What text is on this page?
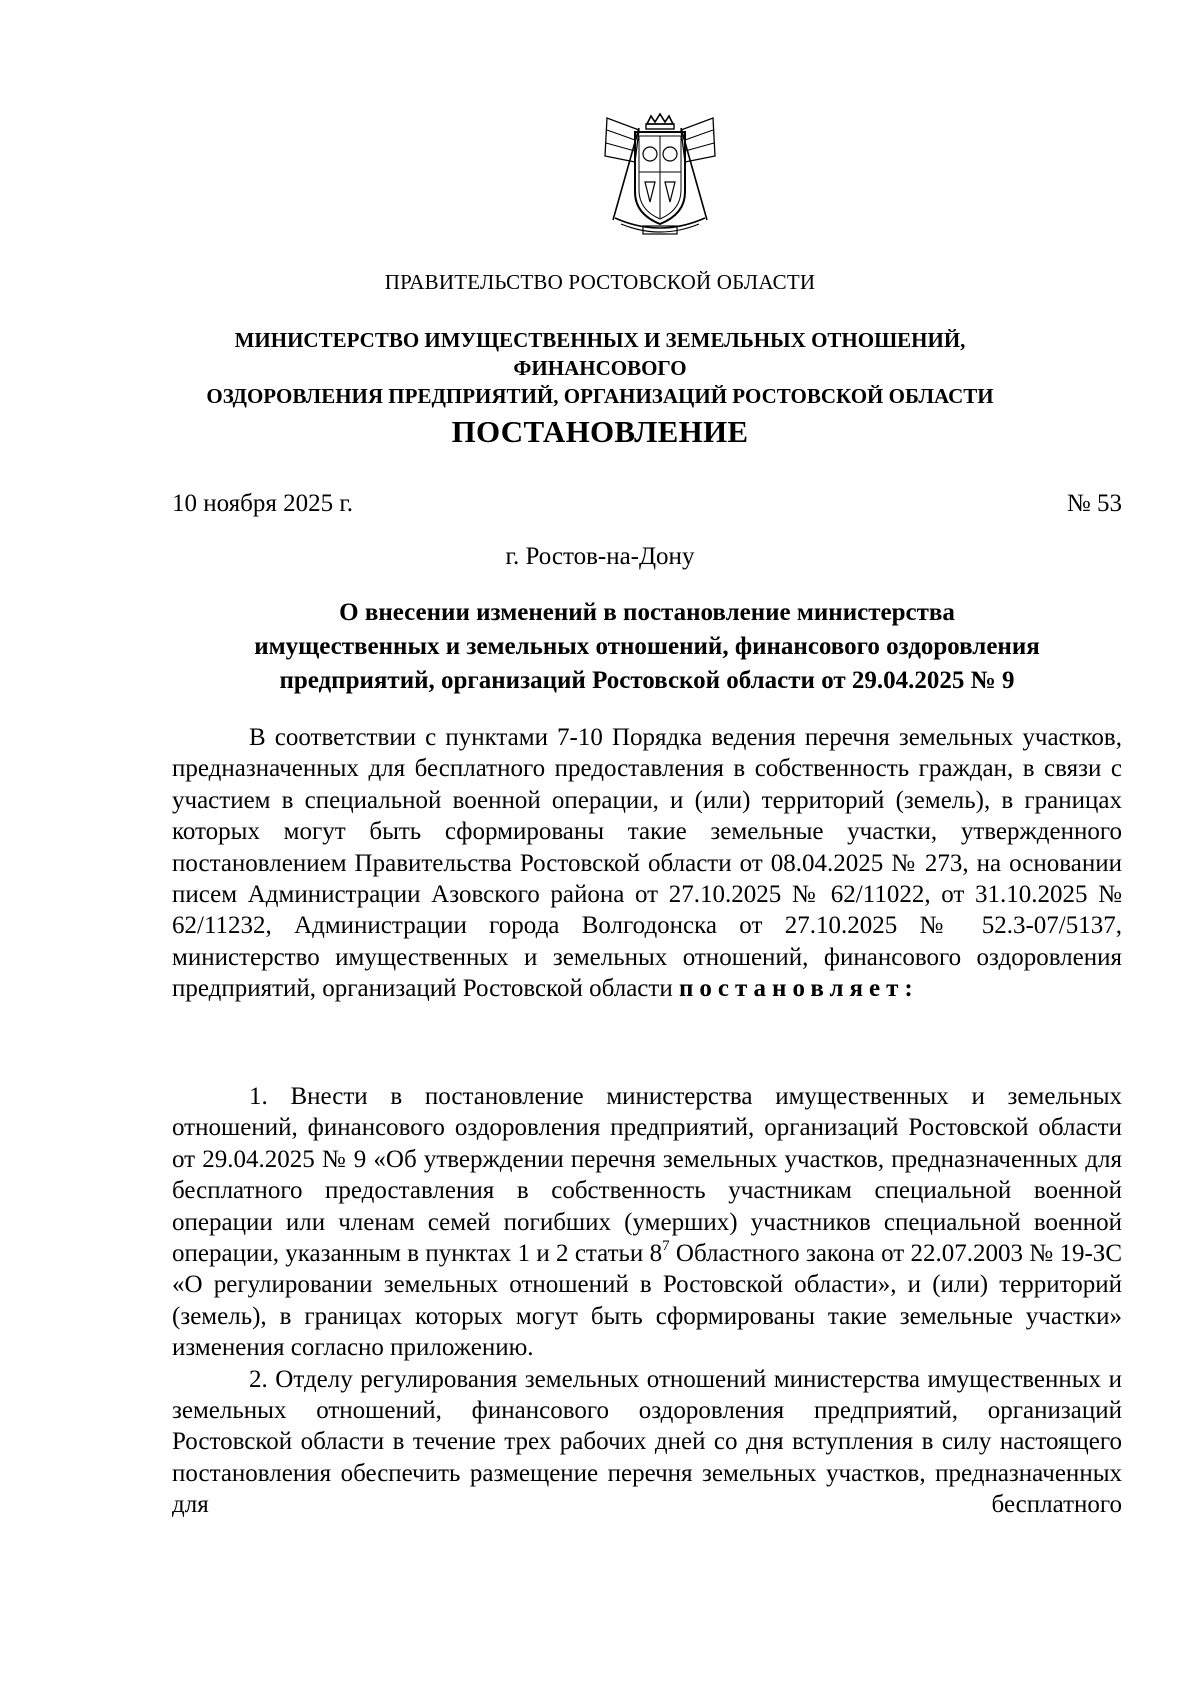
ПРАВИТЕЛЬСТВО РОСТОВСКОЙ ОБЛАСТИ
МИНИСТЕРСТВО ИМУЩЕСТВЕННЫХ И ЗЕМЕЛЬНЫХ ОТНОШЕНИЙ, ФИНАНСОВОГО
ОЗДОРОВЛЕНИЯ ПРЕДПРИЯТИЙ, ОРГАНИЗАЦИЙ РОСТОВСКОЙ ОБЛАСТИ
ПОСТАНОВЛЕНИЕ
10 ноября 2025 г.	№ 53
г. Ростов-на-Дону
О внесении изменений в постановление министерства
имущественных и земельных отношений, финансового оздоровления
предприятий, организаций Ростовской области от 29.04.2025 № 9

В соответствии с пунктами 7-10 Порядка ведения перечня земельных участков, предназначенных для бесплатного предоставления в собственность граждан, в связи с участием в специальной военной операции, и (или) территорий (земель), в границах которых могут быть сформированы такие земельные участки, утвержденного постановлением Правительства Ростовской области от 08.04.2025 № 273, на основании писем Администрации Азовского района от 27.10.2025 № 62/11022, от 31.10.2025 № 62/11232, Администрации города Волгодонска от 27.10.2025 № 52.3-07/5137, министерство имущественных и земельных отношений, финансового оздоровления предприятий, организаций Ростовской области постановляет:

1. Внести в постановление министерства имущественных и земельных отношений, финансового оздоровления предприятий, организаций Ростовской области от 29.04.2025 № 9 «Об утверждении перечня земельных участков, предназначенных для бесплатного предоставления в собственность участникам специальной военной операции или членам семей погибших (умерших) участников специальной военной операции, указанным в пунктах 1 и 2 статьи $8^7$ Областного закона от 22.07.2003 № 19-ЗС «О регулировании земельных отношений в Ростовской области», и (или) территорий (земель), в границах которых могут быть сформированы такие земельные участки» изменения согласно приложению.

2. Отделу регулирования земельных отношений министерства имущественных и земельных отношений, финансового оздоровления предприятий, организаций Ростовской области в течение трех рабочих дней со дня вступления в силу настоящего постановления обеспечить размещение перечня земельных участков, предназначенных для бесплатного
